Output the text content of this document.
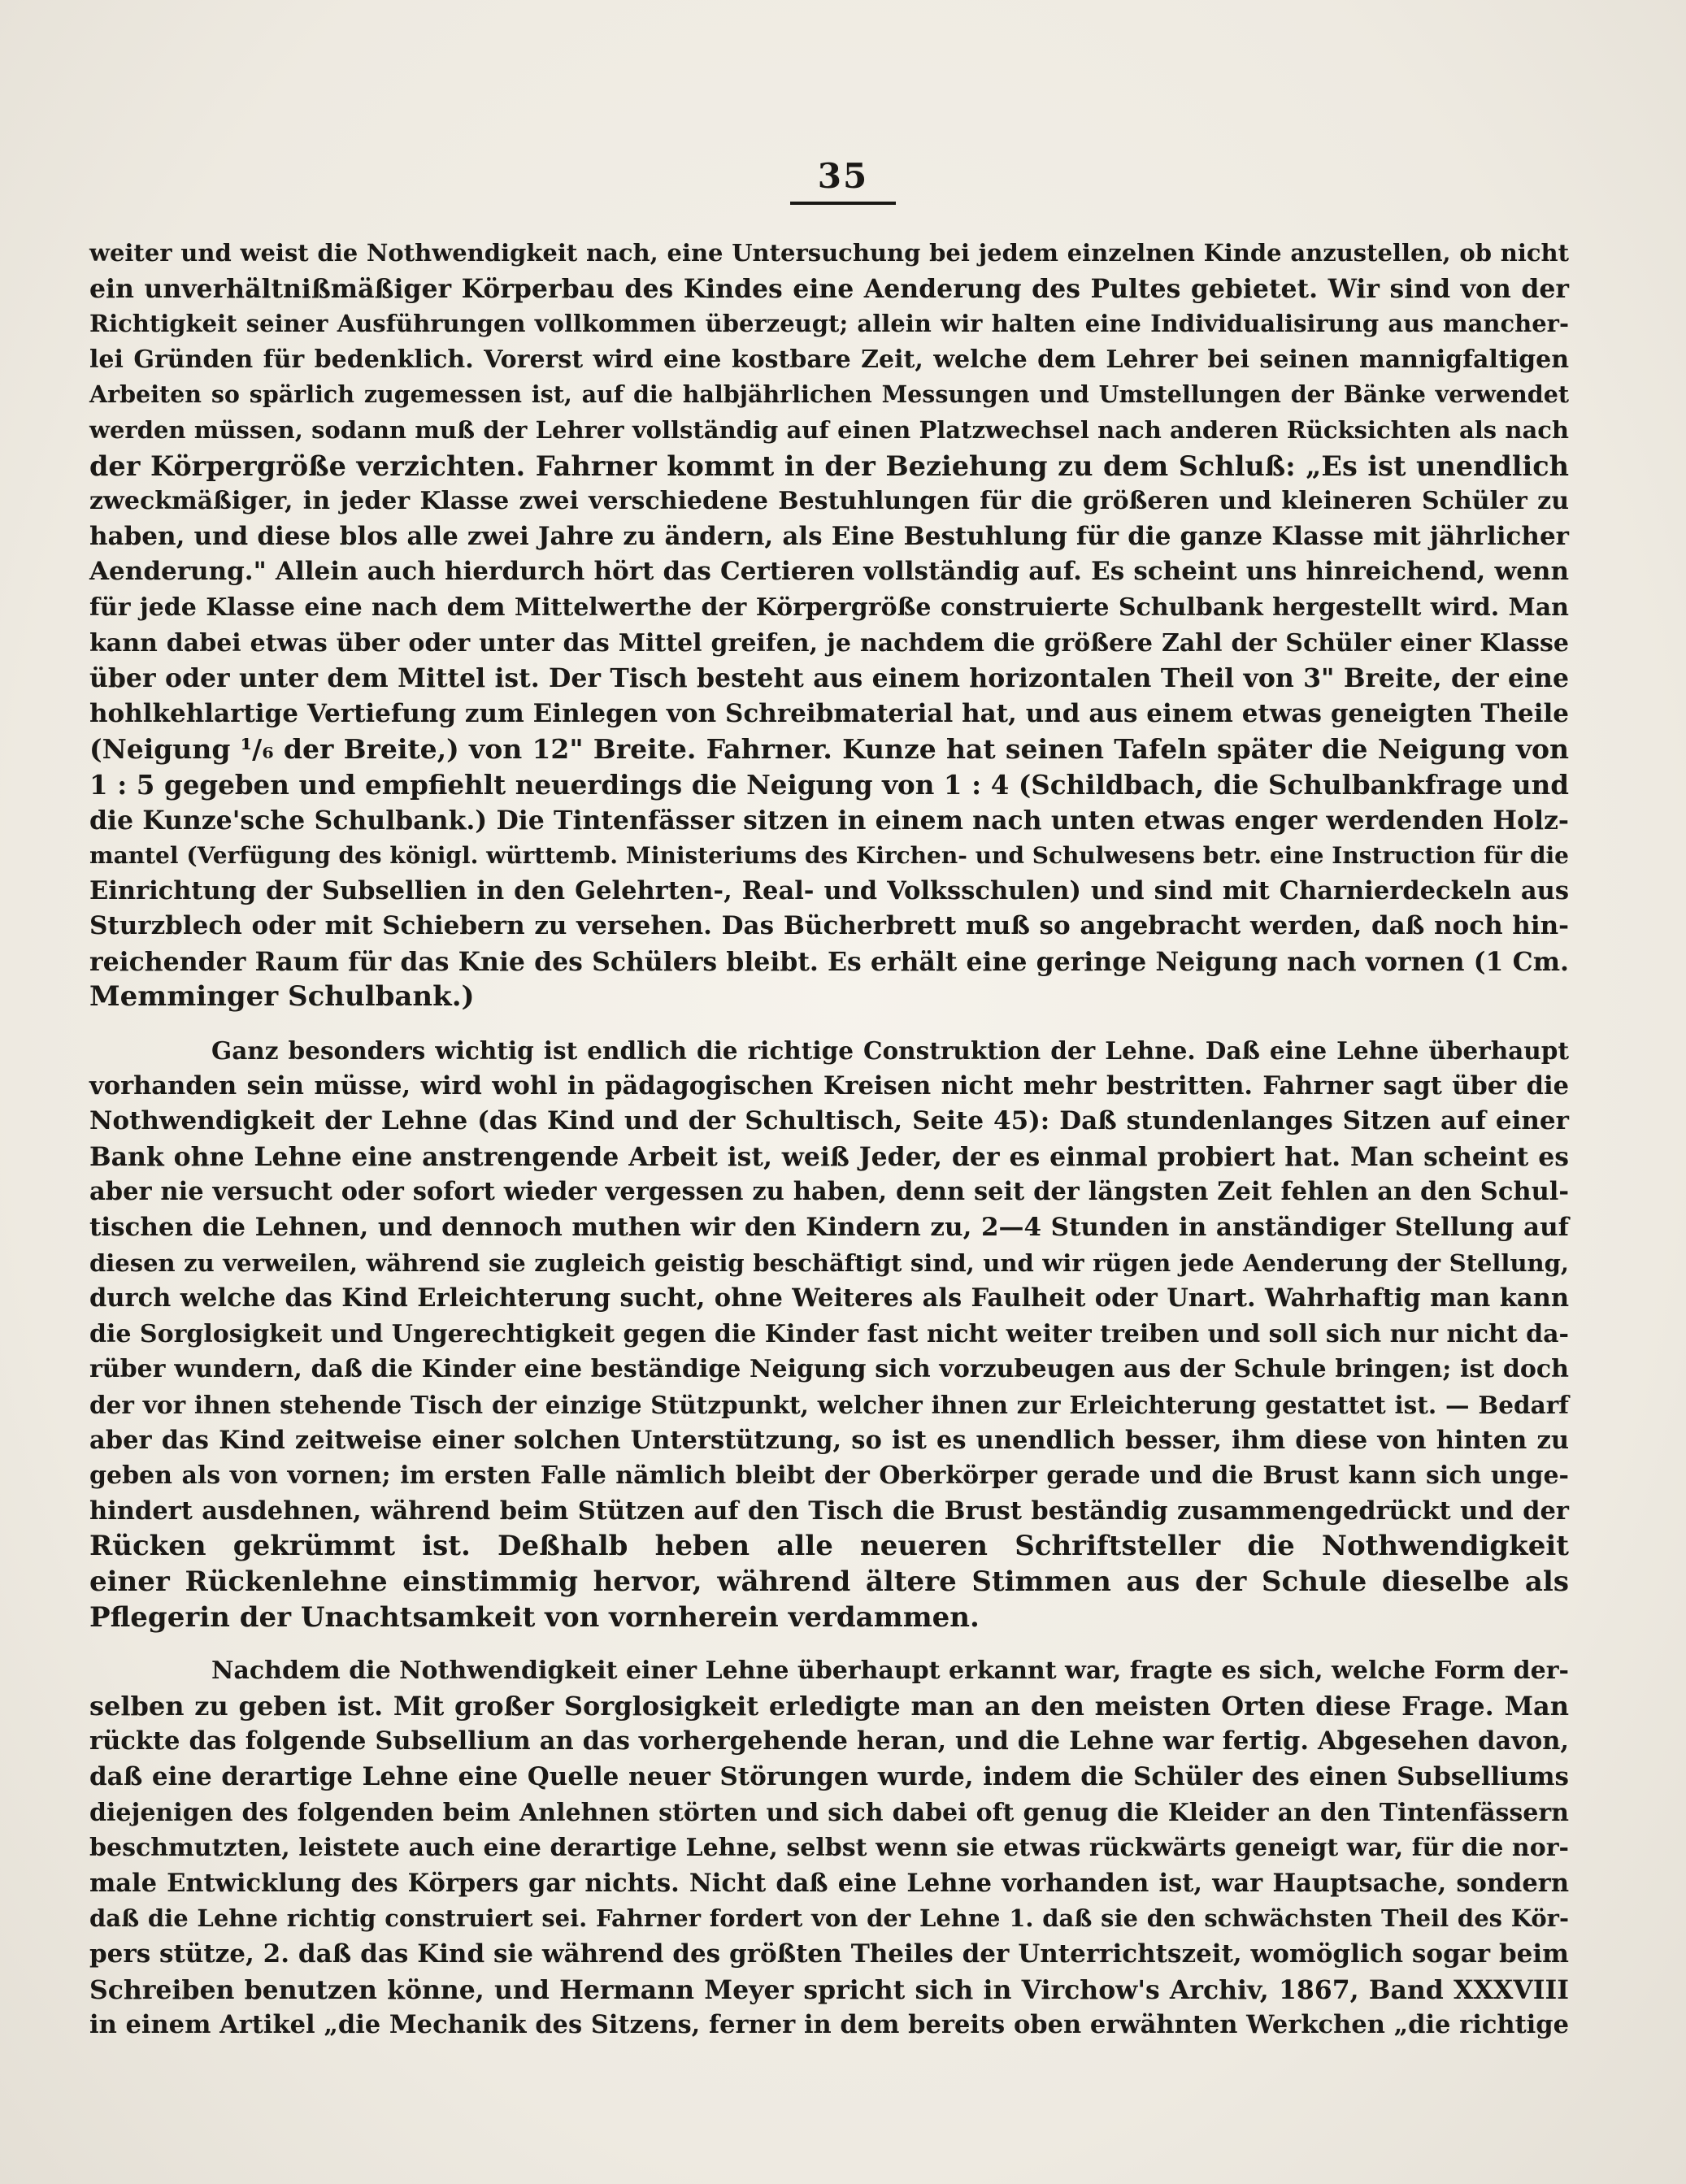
35
weiter und weist die Nothwendigkeit nach, eine Untersuchung bei jedem einzelnen Kinde anzustellen, ob nicht
ein unverhältnißmäßiger Körperbau des Kindes eine Aenderung des Pultes gebietet. Wir sind von der
Richtigkeit seiner Ausführungen vollkommen überzeugt; allein wir halten eine Individualisirung aus mancher-
lei Gründen für bedenklich. Vorerst wird eine kostbare Zeit, welche dem Lehrer bei seinen mannigfaltigen
Arbeiten so spärlich zugemessen ist, auf die halbjährlichen Messungen und Umstellungen der Bänke verwendet
werden müssen, sodann muß der Lehrer vollständig auf einen Platzwechsel nach anderen Rücksichten als nach
der Körpergröße verzichten. Fahrner kommt in der Beziehung zu dem Schluß: „Es ist unendlich
zweckmäßiger, in jeder Klasse zwei verschiedene Bestuhlungen für die größeren und kleineren Schüler zu
haben, und diese blos alle zwei Jahre zu ändern, als Eine Bestuhlung für die ganze Klasse mit jährlicher
Aenderung." Allein auch hierdurch hört das Certieren vollständig auf. Es scheint uns hinreichend, wenn
für jede Klasse eine nach dem Mittelwerthe der Körpergröße construierte Schulbank hergestellt wird. Man
kann dabei etwas über oder unter das Mittel greifen, je nachdem die größere Zahl der Schüler einer Klasse
über oder unter dem Mittel ist. Der Tisch besteht aus einem horizontalen Theil von 3" Breite, der eine
hohlkehlartige Vertiefung zum Einlegen von Schreibmaterial hat, und aus einem etwas geneigten Theile
(Neigung ¹/₆ der Breite,) von 12" Breite. Fahrner. Kunze hat seinen Tafeln später die Neigung von
1 : 5 gegeben und empfiehlt neuerdings die Neigung von 1 : 4 (Schildbach, die Schulbankfrage und
die Kunze'sche Schulbank.) Die Tintenfässer sitzen in einem nach unten etwas enger werdenden Holz-
mantel (Verfügung des königl. württemb. Ministeriums des Kirchen- und Schulwesens betr. eine Instruction für die
Einrichtung der Subsellien in den Gelehrten-, Real- und Volksschulen) und sind mit Charnierdeckeln aus
Sturzblech oder mit Schiebern zu versehen. Das Bücherbrett muß so angebracht werden, daß noch hin-
reichender Raum für das Knie des Schülers bleibt. Es erhält eine geringe Neigung nach vornen (1 Cm.
Memminger Schulbank.)
Ganz besonders wichtig ist endlich die richtige Construktion der Lehne. Daß eine Lehne überhaupt
vorhanden sein müsse, wird wohl in pädagogischen Kreisen nicht mehr bestritten. Fahrner sagt über die
Nothwendigkeit der Lehne (das Kind und der Schultisch, Seite 45): Daß stundenlanges Sitzen auf einer
Bank ohne Lehne eine anstrengende Arbeit ist, weiß Jeder, der es einmal probiert hat. Man scheint es
aber nie versucht oder sofort wieder vergessen zu haben, denn seit der längsten Zeit fehlen an den Schul-
tischen die Lehnen, und dennoch muthen wir den Kindern zu, 2—4 Stunden in anständiger Stellung auf
diesen zu verweilen, während sie zugleich geistig beschäftigt sind, und wir rügen jede Aenderung der Stellung,
durch welche das Kind Erleichterung sucht, ohne Weiteres als Faulheit oder Unart. Wahrhaftig man kann
die Sorglosigkeit und Ungerechtigkeit gegen die Kinder fast nicht weiter treiben und soll sich nur nicht da-
rüber wundern, daß die Kinder eine beständige Neigung sich vorzubeugen aus der Schule bringen; ist doch
der vor ihnen stehende Tisch der einzige Stützpunkt, welcher ihnen zur Erleichterung gestattet ist. — Bedarf
aber das Kind zeitweise einer solchen Unterstützung, so ist es unendlich besser, ihm diese von hinten zu
geben als von vornen; im ersten Falle nämlich bleibt der Oberkörper gerade und die Brust kann sich unge-
hindert ausdehnen, während beim Stützen auf den Tisch die Brust beständig zusammengedrückt und der
Rücken gekrümmt ist. Deßhalb heben alle neueren Schriftsteller die Nothwendigkeit
einer Rückenlehne einstimmig hervor, während ältere Stimmen aus der Schule dieselbe als
Pflegerin der Unachtsamkeit von vornherein verdammen.
Nachdem die Nothwendigkeit einer Lehne überhaupt erkannt war, fragte es sich, welche Form der-
selben zu geben ist. Mit großer Sorglosigkeit erledigte man an den meisten Orten diese Frage. Man
rückte das folgende Subsellium an das vorhergehende heran, und die Lehne war fertig. Abgesehen davon,
daß eine derartige Lehne eine Quelle neuer Störungen wurde, indem die Schüler des einen Subselliums
diejenigen des folgenden beim Anlehnen störten und sich dabei oft genug die Kleider an den Tintenfässern
beschmutzten, leistete auch eine derartige Lehne, selbst wenn sie etwas rückwärts geneigt war, für die nor-
male Entwicklung des Körpers gar nichts. Nicht daß eine Lehne vorhanden ist, war Hauptsache, sondern
daß die Lehne richtig construiert sei. Fahrner fordert von der Lehne 1. daß sie den schwächsten Theil des Kör-
pers stütze, 2. daß das Kind sie während des größten Theiles der Unterrichtszeit, womöglich sogar beim
Schreiben benutzen könne, und Hermann Meyer spricht sich in Virchow's Archiv, 1867, Band XXXVIII
in einem Artikel „die Mechanik des Sitzens, ferner in dem bereits oben erwähnten Werkchen „die richtige
